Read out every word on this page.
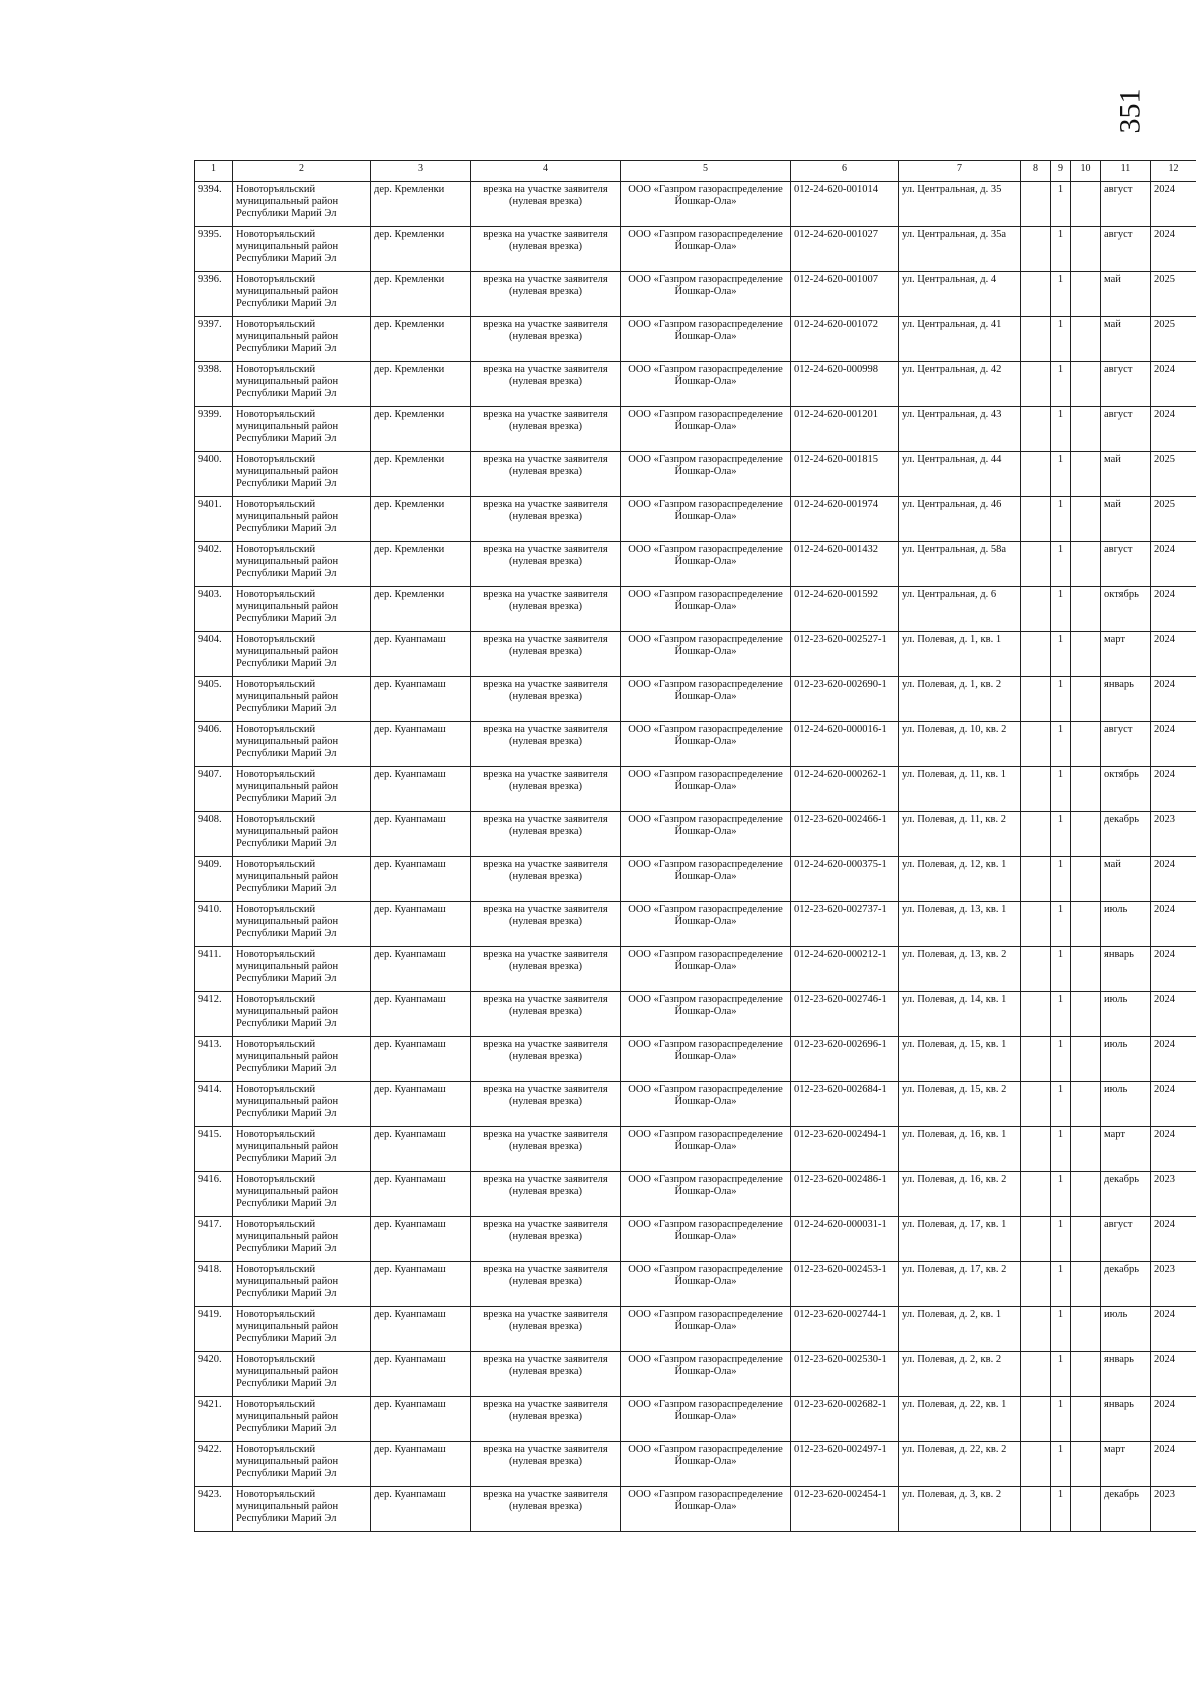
351
1	2	3	4	5	6	7	8	9	10	11	12
9394.	Новоторъяльский муниципальный район Республики Марий Эл	дер. Кремленки	врезка на участке заявителя (нулевая врезка)	ООО «Газпром газораспределение Йошкар-Ола»	012-24-620-001014	ул. Центральная, д. 35		1		август	2024
9395.	Новоторъяльский муниципальный район Республики Марий Эл	дер. Кремленки	врезка на участке заявителя (нулевая врезка)	ООО «Газпром газораспределение Йошкар-Ола»	012-24-620-001027	ул. Центральная, д. 35а		1		август	2024
9396.	Новоторъяльский муниципальный район Республики Марий Эл	дер. Кремленки	врезка на участке заявителя (нулевая врезка)	ООО «Газпром газораспределение Йошкар-Ола»	012-24-620-001007	ул. Центральная, д. 4		1		май	2025
9397.	Новоторъяльский муниципальный район Республики Марий Эл	дер. Кремленки	врезка на участке заявителя (нулевая врезка)	ООО «Газпром газораспределение Йошкар-Ола»	012-24-620-001072	ул. Центральная, д. 41		1		май	2025
9398.	Новоторъяльский муниципальный район Республики Марий Эл	дер. Кремленки	врезка на участке заявителя (нулевая врезка)	ООО «Газпром газораспределение Йошкар-Ола»	012-24-620-000998	ул. Центральная, д. 42		1		август	2024
9399.	Новоторъяльский муниципальный район Республики Марий Эл	дер. Кремленки	врезка на участке заявителя (нулевая врезка)	ООО «Газпром газораспределение Йошкар-Ола»	012-24-620-001201	ул. Центральная, д. 43		1		август	2024
9400.	Новоторъяльский муниципальный район Республики Марий Эл	дер. Кремленки	врезка на участке заявителя (нулевая врезка)	ООО «Газпром газораспределение Йошкар-Ола»	012-24-620-001815	ул. Центральная, д. 44		1		май	2025
9401.	Новоторъяльский муниципальный район Республики Марий Эл	дер. Кремленки	врезка на участке заявителя (нулевая врезка)	ООО «Газпром газораспределение Йошкар-Ола»	012-24-620-001974	ул. Центральная, д. 46		1		май	2025
9402.	Новоторъяльский муниципальный район Республики Марий Эл	дер. Кремленки	врезка на участке заявителя (нулевая врезка)	ООО «Газпром газораспределение Йошкар-Ола»	012-24-620-001432	ул. Центральная, д. 58а		1		август	2024
9403.	Новоторъяльский муниципальный район Республики Марий Эл	дер. Кремленки	врезка на участке заявителя (нулевая врезка)	ООО «Газпром газораспределение Йошкар-Ола»	012-24-620-001592	ул. Центральная, д. 6		1		октябрь	2024
9404.	Новоторъяльский муниципальный район Республики Марий Эл	дер. Куанпамаш	врезка на участке заявителя (нулевая врезка)	ООО «Газпром газораспределение Йошкар-Ола»	012-23-620-002527-1	ул. Полевая, д. 1, кв. 1		1		март	2024
9405.	Новоторъяльский муниципальный район Республики Марий Эл	дер. Куанпамаш	врезка на участке заявителя (нулевая врезка)	ООО «Газпром газораспределение Йошкар-Ола»	012-23-620-002690-1	ул. Полевая, д. 1, кв. 2		1		январь	2024
9406.	Новоторъяльский муниципальный район Республики Марий Эл	дер. Куанпамаш	врезка на участке заявителя (нулевая врезка)	ООО «Газпром газораспределение Йошкар-Ола»	012-24-620-000016-1	ул. Полевая, д. 10, кв. 2		1		август	2024
9407.	Новоторъяльский муниципальный район Республики Марий Эл	дер. Куанпамаш	врезка на участке заявителя (нулевая врезка)	ООО «Газпром газораспределение Йошкар-Ола»	012-24-620-000262-1	ул. Полевая, д. 11, кв. 1		1		октябрь	2024
9408.	Новоторъяльский муниципальный район Республики Марий Эл	дер. Куанпамаш	врезка на участке заявителя (нулевая врезка)	ООО «Газпром газораспределение Йошкар-Ола»	012-23-620-002466-1	ул. Полевая, д. 11, кв. 2		1		декабрь	2023
9409.	Новоторъяльский муниципальный район Республики Марий Эл	дер. Куанпамаш	врезка на участке заявителя (нулевая врезка)	ООО «Газпром газораспределение Йошкар-Ола»	012-24-620-000375-1	ул. Полевая, д. 12, кв. 1		1		май	2024
9410.	Новоторъяльский муниципальный район Республики Марий Эл	дер. Куанпамаш	врезка на участке заявителя (нулевая врезка)	ООО «Газпром газораспределение Йошкар-Ола»	012-23-620-002737-1	ул. Полевая, д. 13, кв. 1		1		июль	2024
9411.	Новоторъяльский муниципальный район Республики Марий Эл	дер. Куанпамаш	врезка на участке заявителя (нулевая врезка)	ООО «Газпром газораспределение Йошкар-Ола»	012-24-620-000212-1	ул. Полевая, д. 13, кв. 2		1		январь	2024
9412.	Новоторъяльский муниципальный район Республики Марий Эл	дер. Куанпамаш	врезка на участке заявителя (нулевая врезка)	ООО «Газпром газораспределение Йошкар-Ола»	012-23-620-002746-1	ул. Полевая, д. 14, кв. 1		1		июль	2024
9413.	Новоторъяльский муниципальный район Республики Марий Эл	дер. Куанпамаш	врезка на участке заявителя (нулевая врезка)	ООО «Газпром газораспределение Йошкар-Ола»	012-23-620-002696-1	ул. Полевая, д. 15, кв. 1		1		июль	2024
9414.	Новоторъяльский муниципальный район Республики Марий Эл	дер. Куанпамаш	врезка на участке заявителя (нулевая врезка)	ООО «Газпром газораспределение Йошкар-Ола»	012-23-620-002684-1	ул. Полевая, д. 15, кв. 2		1		июль	2024
9415.	Новоторъяльский муниципальный район Республики Марий Эл	дер. Куанпамаш	врезка на участке заявителя (нулевая врезка)	ООО «Газпром газораспределение Йошкар-Ола»	012-23-620-002494-1	ул. Полевая, д. 16, кв. 1		1		март	2024
9416.	Новоторъяльский муниципальный район Республики Марий Эл	дер. Куанпамаш	врезка на участке заявителя (нулевая врезка)	ООО «Газпром газораспределение Йошкар-Ола»	012-23-620-002486-1	ул. Полевая, д. 16, кв. 2		1		декабрь	2023
9417.	Новоторъяльский муниципальный район Республики Марий Эл	дер. Куанпамаш	врезка на участке заявителя (нулевая врезка)	ООО «Газпром газораспределение Йошкар-Ола»	012-24-620-000031-1	ул. Полевая, д. 17, кв. 1		1		август	2024
9418.	Новоторъяльский муниципальный район Республики Марий Эл	дер. Куанпамаш	врезка на участке заявителя (нулевая врезка)	ООО «Газпром газораспределение Йошкар-Ола»	012-23-620-002453-1	ул. Полевая, д. 17, кв. 2		1		декабрь	2023
9419.	Новоторъяльский муниципальный район Республики Марий Эл	дер. Куанпамаш	врезка на участке заявителя (нулевая врезка)	ООО «Газпром газораспределение Йошкар-Ола»	012-23-620-002744-1	ул. Полевая, д. 2, кв. 1		1		июль	2024
9420.	Новоторъяльский муниципальный район Республики Марий Эл	дер. Куанпамаш	врезка на участке заявителя (нулевая врезка)	ООО «Газпром газораспределение Йошкар-Ола»	012-23-620-002530-1	ул. Полевая, д. 2, кв. 2		1		январь	2024
9421.	Новоторъяльский муниципальный район Республики Марий Эл	дер. Куанпамаш	врезка на участке заявителя (нулевая врезка)	ООО «Газпром газораспределение Йошкар-Ола»	012-23-620-002682-1	ул. Полевая, д. 22, кв. 1		1		январь	2024
9422.	Новоторъяльский муниципальный район Республики Марий Эл	дер. Куанпамаш	врезка на участке заявителя (нулевая врезка)	ООО «Газпром газораспределение Йошкар-Ола»	012-23-620-002497-1	ул. Полевая, д. 22, кв. 2		1		март	2024
9423.	Новоторъяльский муниципальный район Республики Марий Эл	дер. Куанпамаш	врезка на участке заявителя (нулевая врезка)	ООО «Газпром газораспределение Йошкар-Ола»	012-23-620-002454-1	ул. Полевая, д. 3, кв. 2		1		декабрь	2023
